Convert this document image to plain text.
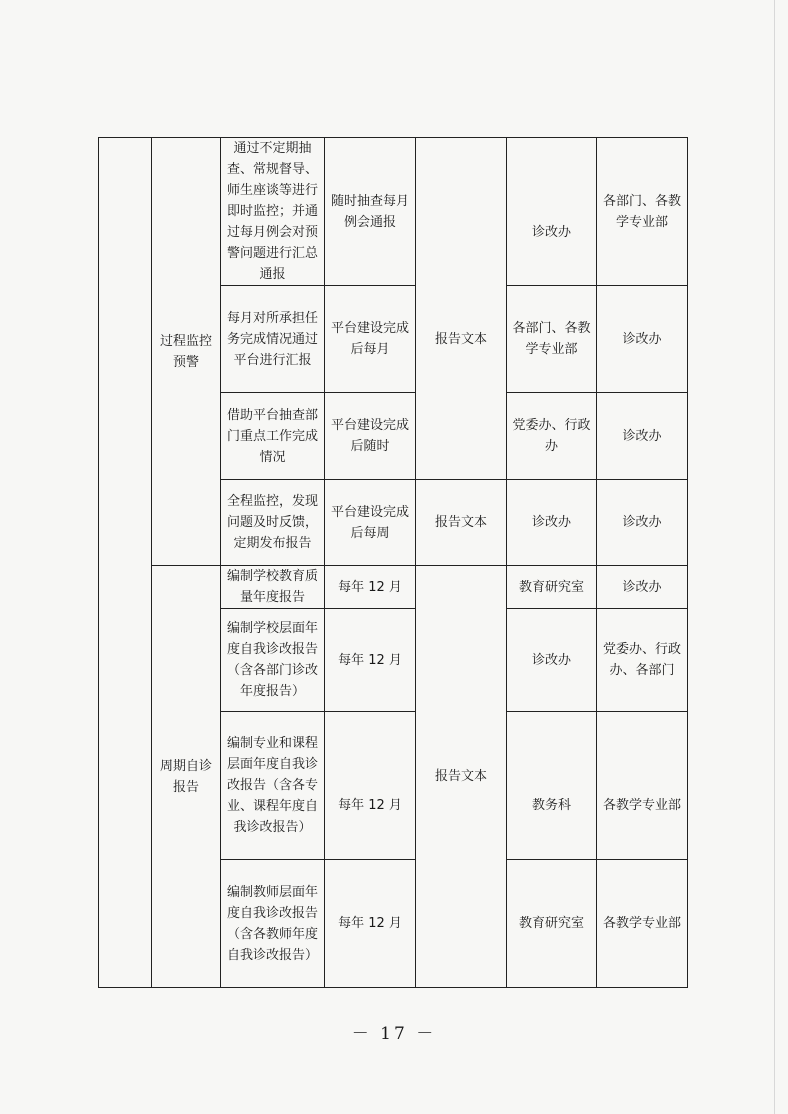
	过程监控预警	通过不定期抽查、常规督导、师生座谈等进行即时监控；并通过每月例会对预警问题进行汇总通报	随时抽查每月例会通报	报告文本	诊改办	各部门、各教学专业部
		每月对所承担任务完成情况通过平台进行汇报	平台建设完成后每月		各部门、各教学专业部	诊改办
		借助平台抽查部门重点工作完成情况	平台建设完成后随时		党委办、行政办	诊改办
		全程监控，发现问题及时反馈，定期发布报告	平台建设完成后每周	报告文本	诊改办	诊改办
	周期自诊报告	编制学校教育质量年度报告	每年 12 月	报告文本	教育研究室	诊改办
		编制学校层面年度自我诊改报告（含各部门诊改年度报告）	每年 12 月		诊改办	党委办、行政办、各部门
		编制专业和课程层面年度自我诊改报告（含各专业、课程年度自我诊改报告）	每年 12 月		教务科	各教学专业部
		编制教师层面年度自我诊改报告（含各教师年度自我诊改报告）	每年 12 月		教育研究室	各教学专业部
－ 17 －
